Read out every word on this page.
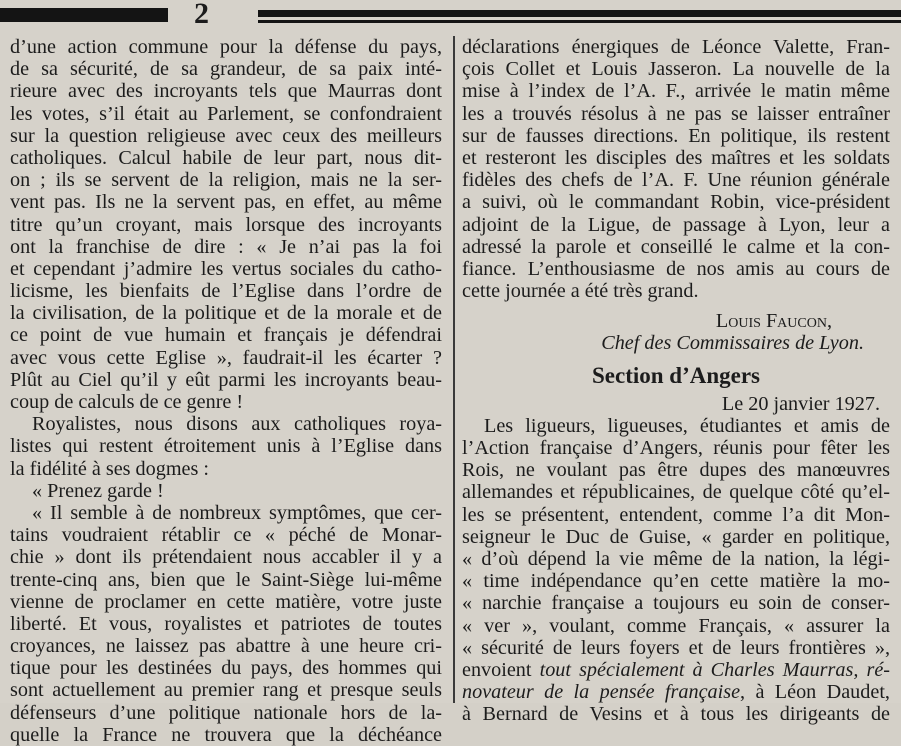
2
d’une action commune pour la défense du pays,
de sa sécurité, de sa grandeur, de sa paix inté-
rieure avec des incroyants tels que Maurras dont
les votes, s’il était au Parlement, se confondraient
sur la question religieuse avec ceux des meilleurs
catholiques. Calcul habile de leur part, nous dit-
on ; ils se servent de la religion, mais ne la ser-
vent pas. Ils ne la servent pas, en effet, au même
titre qu’un croyant, mais lorsque des incroyants
ont la franchise de dire : « Je n’ai pas la foi
et cependant j’admire les vertus sociales du catho-
licisme, les bienfaits de l’Eglise dans l’ordre de
la civilisation, de la politique et de la morale et de
ce point de vue humain et français je défendrai
avec vous cette Eglise », faudrait-il les écarter ?
Plût au Ciel qu’il y eût parmi les incroyants beau-
coup de calculs de ce genre !
Royalistes, nous disons aux catholiques roya-
listes qui restent étroitement unis à l’Eglise dans
la fidélité à ses dogmes :
« Prenez garde !
« Il semble à de nombreux symptômes, que cer-
tains voudraient rétablir ce « péché de Monar-
chie » dont ils prétendaient nous accabler il y a
trente-cinq ans, bien que le Saint-Siège lui-même
vienne de proclamer en cette matière, votre juste
liberté. Et vous, royalistes et patriotes de toutes
croyances, ne laissez pas abattre à une heure cri-
tique pour les destinées du pays, des hommes qui
sont actuellement au premier rang et presque seuls
défenseurs d’une politique nationale hors de la-
quelle la France ne trouvera que la déchéance
déclarations énergiques de Léonce Valette, Fran-
çois Collet et Louis Jasseron. La nouvelle de la
mise à l’index de l’A. F., arrivée le matin même
les a trouvés résolus à ne pas se laisser entraîner
sur de fausses directions. En politique, ils restent
et resteront les disciples des maîtres et les soldats
fidèles des chefs de l’A. F. Une réunion générale
a suivi, où le commandant Robin, vice-président
adjoint de la Ligue, de passage à Lyon, leur a
adressé la parole et conseillé le calme et la con-
fiance. L’enthousiasme de nos amis au cours de
cette journée a été très grand.
Louis Faucon,
Chef des Commissaires de Lyon.
Section d’Angers
Le 20 janvier 1927.
Les ligueurs, ligueuses, étudiantes et amis de
l’Action française d’Angers, réunis pour fêter les
Rois, ne voulant pas être dupes des manœuvres
allemandes et républicaines, de quelque côté qu’el-
les se présentent, entendent, comme l’a dit Mon-
seigneur le Duc de Guise, « garder en politique,
« d’où dépend la vie même de la nation, la légi-
« time indépendance qu’en cette matière la mo-
« narchie française a toujours eu soin de conser-
« ver », voulant, comme Français, « assurer la
« sécurité de leurs foyers et de leurs frontières »,
envoient tout spécialement à Charles Maurras, ré-
novateur de la pensée française, à Léon Daudet,
à Bernard de Vesins et à tous les dirigeants de
